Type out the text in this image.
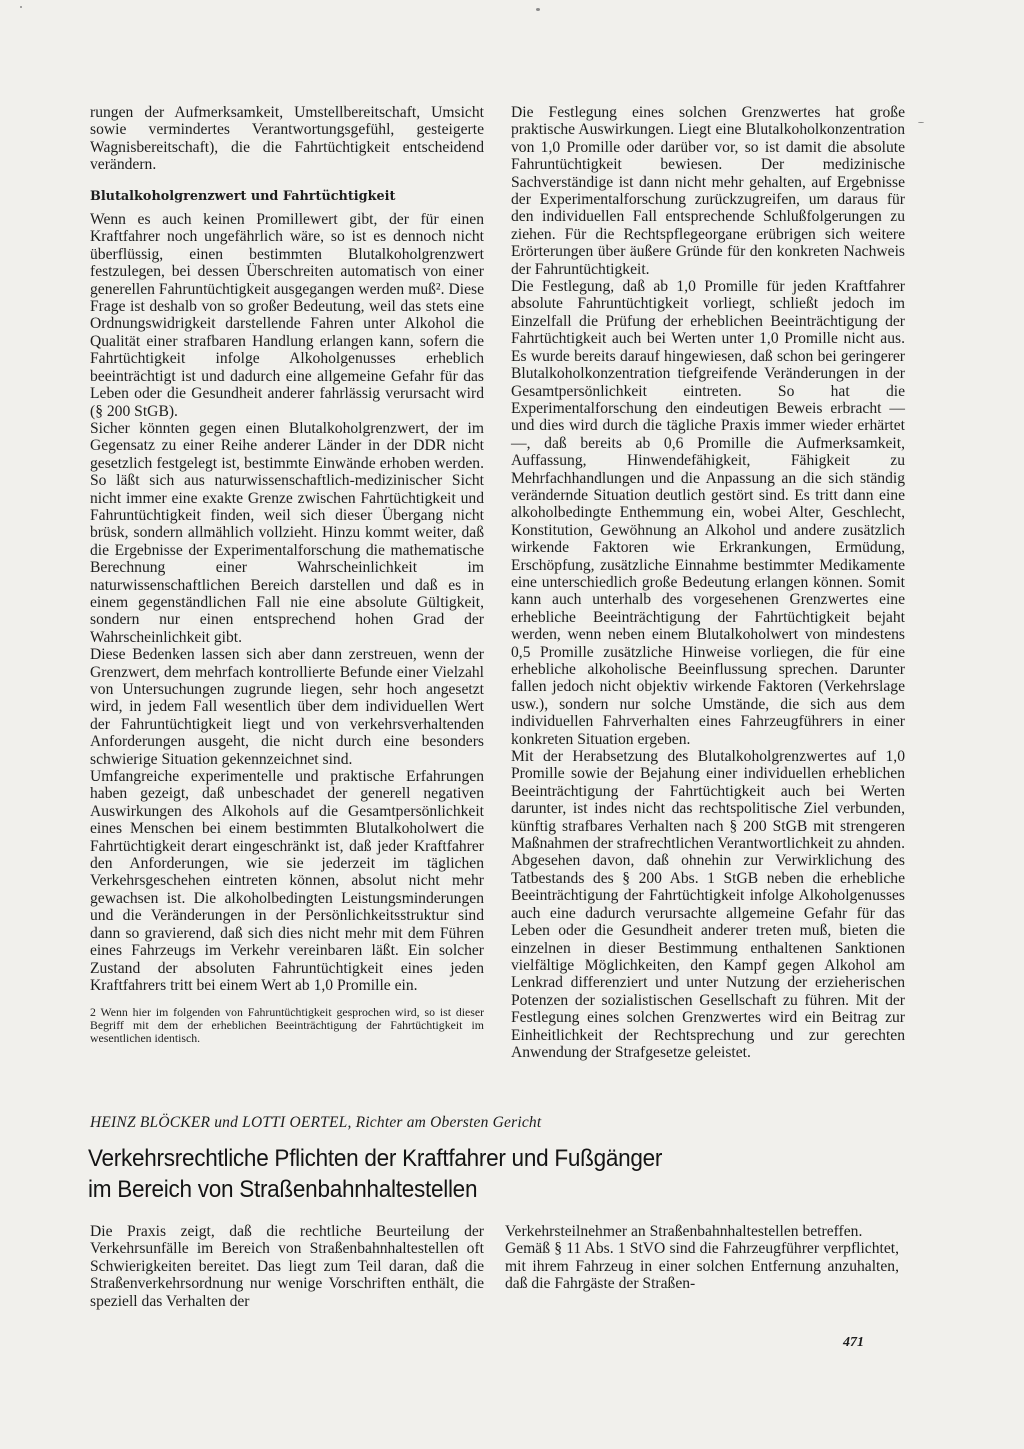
rungen der Aufmerksamkeit, Umstellbereitschaft, Umsicht sowie vermindertes Verantwortungsgefühl, gesteigerte Wagnisbereitschaft), die die Fahrtüchtigkeit entscheidend verändern.

Blutalkoholgrenzwert und Fahrtüchtigkeit

Wenn es auch keinen Promillewert gibt, der für einen Kraftfahrer noch ungefährlich wäre, so ist es dennoch nicht überflüssig, einen bestimmten Blutalkoholgrenzwert festzulegen, bei dessen Überschreiten automatisch von einer generellen Fahruntüchtigkeit ausgegangen werden muß². Diese Frage ist deshalb von so großer Bedeutung, weil das stets eine Ordnungswidrigkeit darstellende Fahren unter Alkohol die Qualität einer strafbaren Handlung erlangen kann, sofern die Fahrtüchtigkeit infolge Alkoholgenusses erheblich beeinträchtigt ist und dadurch eine allgemeine Gefahr für das Leben oder die Gesundheit anderer fahrlässig verursacht wird (§ 200 StGB).

Sicher könnten gegen einen Blutalkoholgrenzwert, der im Gegensatz zu einer Reihe anderer Länder in der DDR nicht gesetzlich festgelegt ist, bestimmte Einwände erhoben werden. So läßt sich aus naturwissenschaftlich-medizinischer Sicht nicht immer eine exakte Grenze zwischen Fahrtüchtigkeit und Fahruntüchtigkeit finden, weil sich dieser Übergang nicht brüsk, sondern allmählich vollzieht. Hinzu kommt weiter, daß die Ergebnisse der Experimentalforschung die mathematische Berechnung einer Wahrscheinlichkeit im naturwissenschaftlichen Bereich darstellen und daß es in einem gegenständlichen Fall nie eine absolute Gültigkeit, sondern nur einen entsprechend hohen Grad der Wahrscheinlichkeit gibt.

Diese Bedenken lassen sich aber dann zerstreuen, wenn der Grenzwert, dem mehrfach kontrollierte Befunde einer Vielzahl von Untersuchungen zugrunde liegen, sehr hoch angesetzt wird, in jedem Fall wesentlich über dem individuellen Wert der Fahruntüchtigkeit liegt und von verkehrsverhaltenden Anforderungen ausgeht, die nicht durch eine besonders schwierige Situation gekennzeichnet sind.

Umfangreiche experimentelle und praktische Erfahrungen haben gezeigt, daß unbeschadet der generell negativen Auswirkungen des Alkohols auf die Gesamtpersönlichkeit eines Menschen bei einem bestimmten Blutalkoholwert die Fahrtüchtigkeit derart eingeschränkt ist, daß jeder Kraftfahrer den Anforderungen, wie sie jederzeit im täglichen Verkehrsgeschehen eintreten können, absolut nicht mehr gewachsen ist. Die alkoholbedingten Leistungsminderungen und die Veränderungen in der Persönlichkeitsstruktur sind dann so gravierend, daß sich dies nicht mehr mit dem Führen eines Fahrzeugs im Verkehr vereinbaren läßt. Ein solcher Zustand der absoluten Fahruntüchtigkeit eines jeden Kraftfahrers tritt bei einem Wert ab 1,0 Promille ein.

2 Wenn hier im folgenden von Fahruntüchtigkeit gesprochen wird, so ist dieser Begriff mit dem der erheblichen Beeinträchtigung der Fahrtüchtigkeit im wesentlichen identisch.

Die Festlegung eines solchen Grenzwertes hat große praktische Auswirkungen. Liegt eine Blutalkoholkonzentration von 1,0 Promille oder darüber vor, so ist damit die absolute Fahruntüchtigkeit bewiesen. Der medizinische Sachverständige ist dann nicht mehr gehalten, auf Ergebnisse der Experimentalforschung zurückzugreifen, um daraus für den individuellen Fall entsprechende Schlußfolgerungen zu ziehen. Für die Rechtspflegeorgane erübrigen sich weitere Erörterungen über äußere Gründe für den konkreten Nachweis der Fahruntüchtigkeit.

Die Festlegung, daß ab 1,0 Promille für jeden Kraftfahrer absolute Fahruntüchtigkeit vorliegt, schließt jedoch im Einzelfall die Prüfung der erheblichen Beeinträchtigung der Fahrtüchtigkeit auch bei Werten unter 1,0 Promille nicht aus. Es wurde bereits darauf hingewiesen, daß schon bei geringerer Blutalkoholkonzentration tiefgreifende Veränderungen in der Gesamtpersönlichkeit eintreten. So hat die Experimentalforschung den eindeutigen Beweis erbracht — und dies wird durch die tägliche Praxis immer wieder erhärtet —, daß bereits ab 0,6 Promille die Aufmerksamkeit, Auffassung, Hinwendefähigkeit, Fähigkeit zu Mehrfachhandlungen und die Anpassung an die sich ständig verändernde Situation deutlich gestört sind. Es tritt dann eine alkoholbedingte Enthemmung ein, wobei Alter, Geschlecht, Konstitution, Gewöhnung an Alkohol und andere zusätzlich wirkende Faktoren wie Erkrankungen, Ermüdung, Erschöpfung, zusätzliche Einnahme bestimmter Medikamente eine unterschiedlich große Bedeutung erlangen können. Somit kann auch unterhalb des vorgesehenen Grenzwertes eine erhebliche Beeinträchtigung der Fahrtüchtigkeit bejaht werden, wenn neben einem Blutalkoholwert von mindestens 0,5 Promille zusätzliche Hinweise vorliegen, die für eine erhebliche alkoholische Beeinflussung sprechen. Darunter fallen jedoch nicht objektiv wirkende Faktoren (Verkehrslage usw.), sondern nur solche Umstände, die sich aus dem individuellen Fahrverhalten eines Fahrzeugführers in einer konkreten Situation ergeben.

Mit der Herabsetzung des Blutalkoholgrenzwertes auf 1,0 Promille sowie der Bejahung einer individuellen erheblichen Beeinträchtigung der Fahrtüchtigkeit auch bei Werten darunter, ist indes nicht das rechtspolitische Ziel verbunden, künftig strafbares Verhalten nach § 200 StGB mit strengeren Maßnahmen der strafrechtlichen Verantwortlichkeit zu ahnden. Abgesehen davon, daß ohnehin zur Verwirklichung des Tatbestands des § 200 Abs. 1 StGB neben die erhebliche Beeinträchtigung der Fahrtüchtigkeit infolge Alkoholgenusses auch eine dadurch verursachte allgemeine Gefahr für das Leben oder die Gesundheit anderer treten muß, bieten die einzelnen in dieser Bestimmung enthaltenen Sanktionen vielfältige Möglichkeiten, den Kampf gegen Alkohol am Lenkrad differenziert und unter Nutzung der erzieherischen Potenzen der sozialistischen Gesellschaft zu führen. Mit der Festlegung eines solchen Grenzwertes wird ein Beitrag zur Einheitlichkeit der Rechtsprechung und zur gerechten Anwendung der Strafgesetze geleistet.

HEINZ BLÖCKER und LOTTI OERTEL, Richter am Obersten Gericht
Verkehrsrechtliche Pflichten der Kraftfahrer und Fußgänger
im Bereich von Straßenbahnhaltestellen

Die Praxis zeigt, daß die rechtliche Beurteilung der Verkehrsunfälle im Bereich von Straßenbahnhaltestellen oft Schwierigkeiten bereitet. Das liegt zum Teil daran, daß die Straßenverkehrsordnung nur wenige Vorschriften enthält, die speziell das Verhalten der

Verkehrsteilnehmer an Straßenbahnhaltestellen betreffen.

Gemäß § 11 Abs. 1 StVO sind die Fahrzeugführer verpflichtet, mit ihrem Fahrzeug in einer solchen Entfernung anzuhalten, daß die Fahrgäste der Straßen-

471
